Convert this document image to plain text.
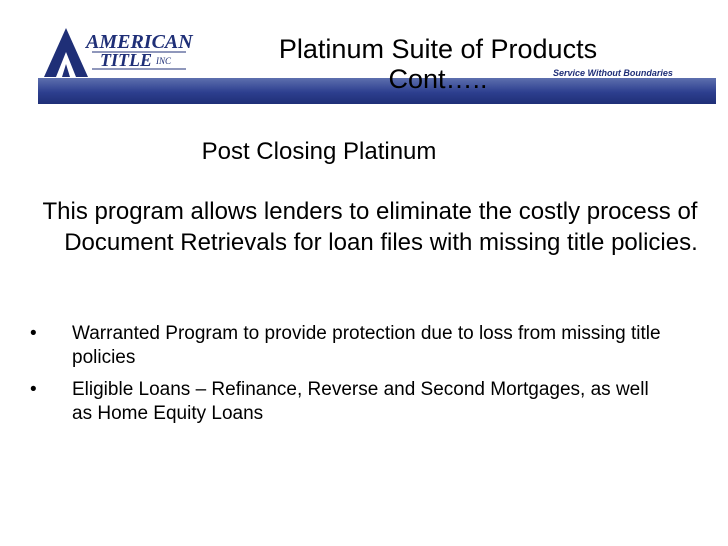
AMERICAN
TITLE INC	Platinum Suite of Products
Cont…..	Service Without Boundaries
Post Closing Platinum
This program allows lenders to eliminate the costly process of Document Retrievals for loan files with missing title policies.
• Warranted Program to provide protection due to loss from missing title policies
• Eligible Loans – Refinance, Reverse and Second Mortgages, as well as Home Equity Loans
